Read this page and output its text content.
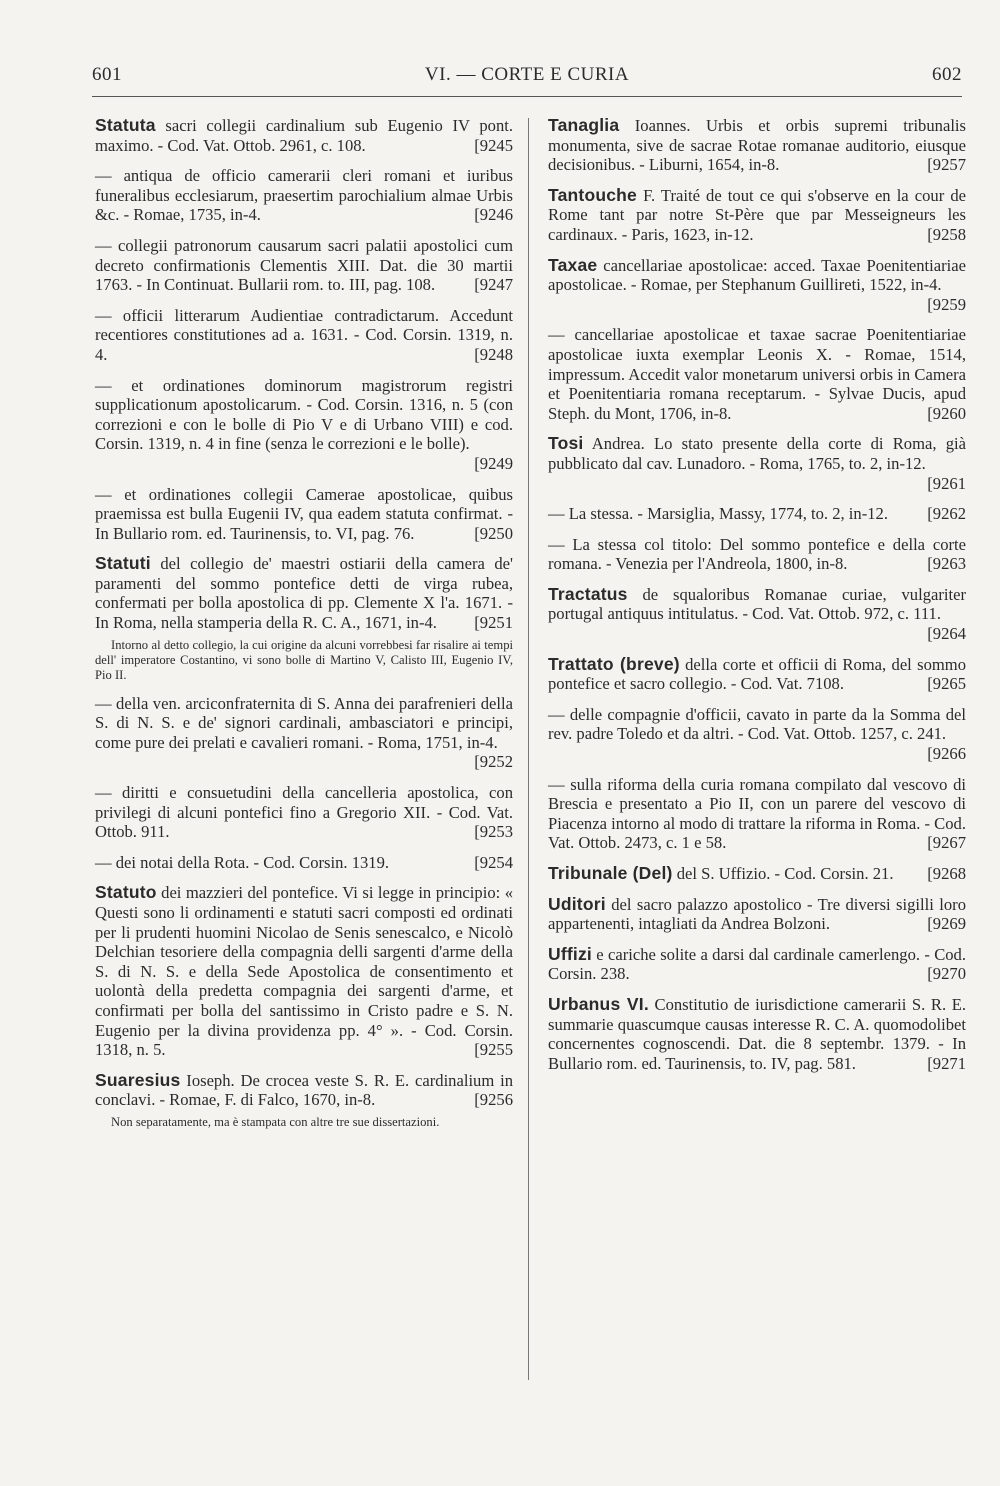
601	VI. — CORTE E CURIA	602
Statuta sacri collegii cardinalium sub Eugenio IV pont. maximo. - Cod. Vat. Ottob. 2961, c. 108.	[9245
— antiqua de officio camerarii cleri romani et iuribus funeralibus ecclesiarum, praesertim parochialium almae Urbis &c. - Romae, 1735, in-4.	[9246
— collegii patronorum causarum sacri palatii apostolici cum decreto confirmationis Clementis XIII. Dat. die 30 martii 1763. - In Continuat. Bullarii rom. to. III, pag. 108. [9247
— officii litterarum Audientiae contradictarum. Accedunt recentiores constitutiones ad a. 1631. - Cod. Corsin. 1319, n. 4.	[9248
— et ordinationes dominorum magistrorum registri supplicationum apostolicarum. - Cod. Corsin. 1316, n. 5 (con correzioni e con le bolle di Pio V e di Urbano VIII) e cod. Corsin. 1319, n. 4 in fine (senza le correzioni e le bolle).
[9249
— et ordinationes collegii Camerae apostolicae, quibus praemissa est bulla Eugenii IV, qua eadem statuta confirmat. - In Bullario rom. ed. Taurinensis, to. VI, pag. 76.	[9250
Statuti del collegio de' maestri ostiarii della camera de' paramenti del sommo pontefice detti de virga rubea, confermati per bolla apostolica di pp. Clemente X l'a. 1671. - In Roma, nella stamperia della R. C. A., 1671, in-4. [9251
Intorno al detto collegio, la cui origine da alcuni vorrebbesi far risalire ai tempi dell' imperatore Costantino, vi sono bolle di Martino V, Calisto III, Eugenio IV, Pio II.
— della ven. arciconfraternita di S. Anna dei parafrenieri della S. di N. S. e de' signori cardinali, ambasciatori e principi, come pure dei prelati e cavalieri romani. - Roma, 1751, in-4.
[9252
— diritti e consuetudini della cancelleria apostolica, con privilegi di alcuni pontefici fino a Gregorio XII. - Cod. Vat. Ottob. 911.	[9253
— dei notai della Rota. - Cod. Corsin. 1319.	[9254
Statuto dei mazzieri del pontefice. Vi si legge in principio: « Questi sono li ordinamenti e statuti sacri composti ed ordinati per li prudenti huomini Nicolao de Senis senescalco, e Nicolò Delchian tesoriere della compagnia delli sargenti d'arme della S. di N. S. e della Sede Apostolica de consentimento et uolontà della predetta compagnia dei sargenti d'arme, et confirmati per bolla del santissimo in Cristo padre e S. N. Eugenio per la divina providenza pp. 4° ». - Cod. Corsin. 1318, n. 5.	[9255
Suaresius Ioseph. De crocea veste S. R. E. cardinalium in conclavi. - Romae, F. di Falco, 1670, in-8.	[9256
Non separatamente, ma è stampata con altre tre sue dissertazioni.
Tanaglia Ioannes. Urbis et orbis supremi tribunalis monumenta, sive de sacrae Rotae romanae auditorio, eiusque decisionibus. - Liburni, 1654, in-8.	[9257
Tantouche F. Traité de tout ce qui s'observe en la cour de Rome tant par notre St-Père que par Messeigneurs les cardinaux. - Paris, 1623, in-12.	[9258
Taxae cancellariae apostolicae: acced. Taxae Poenitentiariae apostolicae. - Romae, per Stephanum Guillireti, 1522, in-4.
[9259
— cancellariae apostolicae et taxae sacrae Poenitentiariae apostolicae iuxta exemplar Leonis X. - Romae, 1514, impressum. Accedit valor monetarum universi orbis in Camera et Poenitentiaria romana receptarum. - Sylvae Ducis, apud Steph. du Mont, 1706, in-8.	[9260
Tosi Andrea. Lo stato presente della corte di Roma, già pubblicato dal cav. Lunadoro. - Roma, 1765, to. 2, in-12.
[9261
— La stessa. - Marsiglia, Massy, 1774, to. 2, in-12. [9262
— La stessa col titolo: Del sommo pontefice e della corte romana. - Venezia per l'Andreola, 1800, in-8.	[9263
Tractatus de squaloribus Romanae curiae, vulgariter portugal antiquus intitulatus. - Cod. Vat. Ottob. 972, c. 111.
[9264
Trattato (breve) della corte et officii di Roma, del sommo pontefice et sacro collegio. - Cod. Vat. 7108.	[9265
— delle compagnie d'officii, cavato in parte da la Somma del rev. padre Toledo et da altri. - Cod. Vat. Ottob. 1257, c. 241.
[9266
— sulla riforma della curia romana compilato dal vescovo di Brescia e presentato a Pio II, con un parere del vescovo di Piacenza intorno al modo di trattare la riforma in Roma. - Cod. Vat. Ottob. 2473, c. 1 e 58.	[9267
Tribunale (Del) del S. Uffizio. - Cod. Corsin. 21. [9268
Uditori del sacro palazzo apostolico - Tre diversi sigilli loro appartenenti, intagliati da Andrea Bolzoni.	[9269
Uffizi e cariche solite a darsi dal cardinale camerlengo. - Cod. Corsin. 238.	[9270
Urbanus VI. Constitutio de iurisdictione camerarii S. R. E. summarie quascumque causas interesse R. C. A. quomodolibet concernentes cognoscendi. Dat. die 8 septembr. 1379. - In Bullario rom. ed. Taurinensis, to. IV, pag. 581.	[9271
